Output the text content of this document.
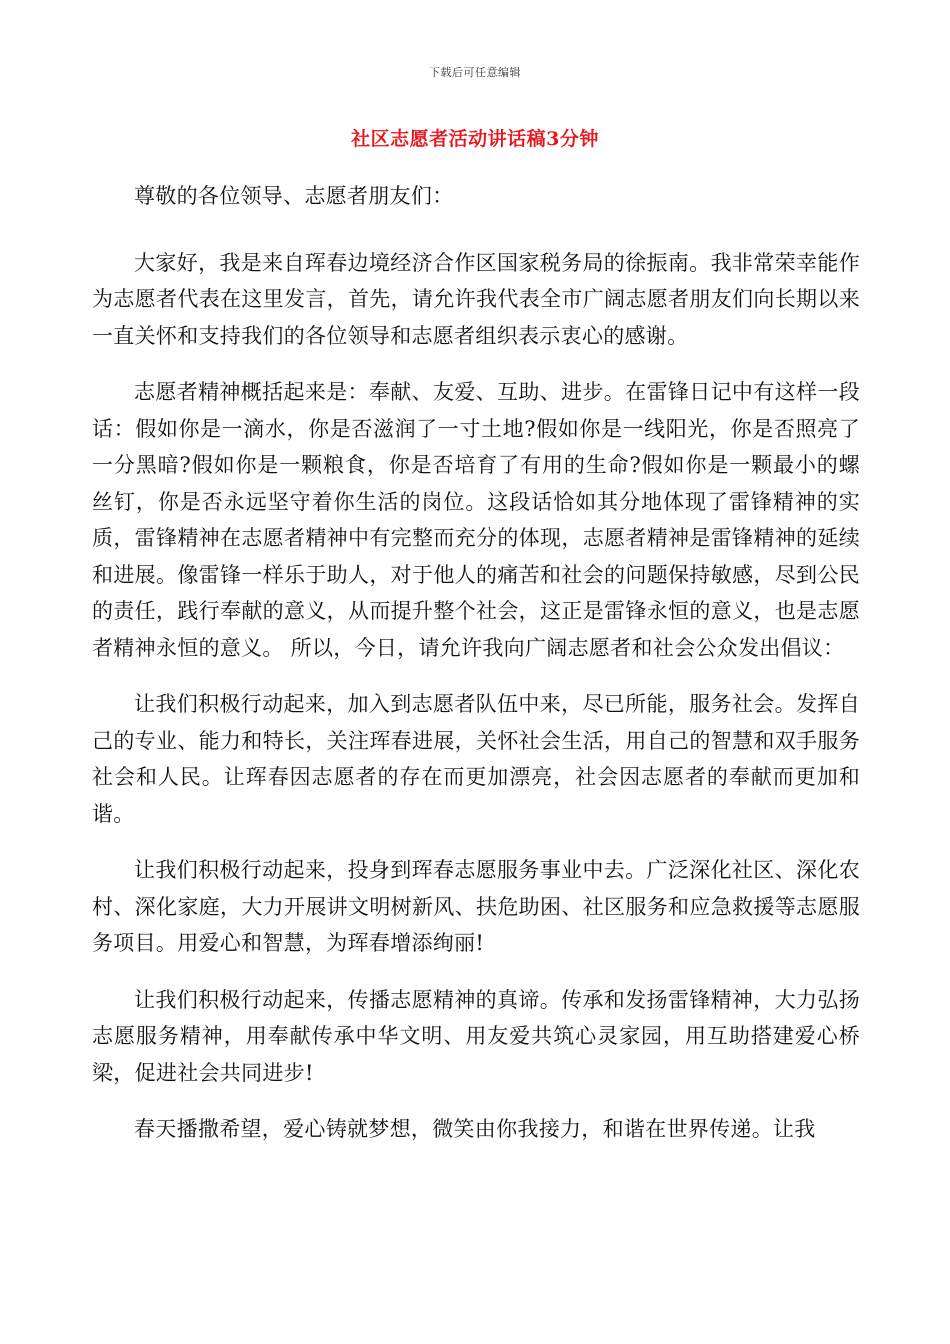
下载后可任意编辑
社区志愿者活动讲话稿3分钟

尊敬的各位领导、志愿者朋友们：

大家好，我是来自珲春边境经济合作区国家税务局的徐振南。我非常荣幸能作为志愿者代表在这里发言，首先，请允许我代表全市广阔志愿者朋友们向长期以来一直关怀和支持我们的各位领导和志愿者组织表示衷心的感谢。

志愿者精神概括起来是：奉献、友爱、互助、进步。在雷锋日记中有这样一段话：假如你是一滴水，你是否滋润了一寸土地?假如你是一线阳光，你是否照亮了一分黑暗?假如你是一颗粮食，你是否培育了有用的生命?假如你是一颗最小的螺丝钉，你是否永远坚守着你生活的岗位。这段话恰如其分地体现了雷锋精神的实质，雷锋精神在志愿者精神中有完整而充分的体现，志愿者精神是雷锋精神的延续和进展。像雷锋一样乐于助人，对于他人的痛苦和社会的问题保持敏感，尽到公民的责任，践行奉献的意义，从而提升整个社会，这正是雷锋永恒的意义，也是志愿者精神永恒的意义。 所以，今日，请允许我向广阔志愿者和社会公众发出倡议：

让我们积极行动起来，加入到志愿者队伍中来，尽已所能，服务社会。发挥自己的专业、能力和特长，关注珲春进展，关怀社会生活，用自己的智慧和双手服务社会和人民。让珲春因志愿者的存在而更加漂亮，社会因志愿者的奉献而更加和谐。

让我们积极行动起来，投身到珲春志愿服务事业中去。广泛深化社区、深化农村、深化家庭，大力开展讲文明树新风、扶危助困、社区服务和应急救援等志愿服务项目。用爱心和智慧，为珲春增添绚丽!

让我们积极行动起来，传播志愿精神的真谛。传承和发扬雷锋精神，大力弘扬志愿服务精神，用奉献传承中华文明、用友爱共筑心灵家园，用互助搭建爱心桥梁，促进社会共同进步!

春天播撒希望，爱心铸就梦想，微笑由你我接力，和谐在世界传递。让我
